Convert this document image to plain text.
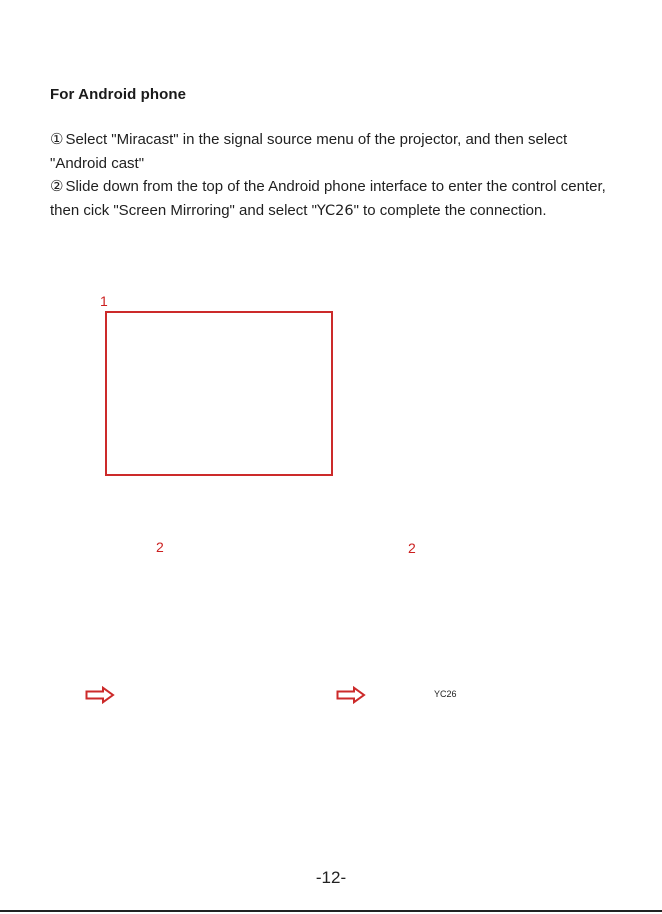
For Android phone

① Select "Miracast" in the signal source menu of the projector, and then select

"Android cast"

② Slide down from the top of the Android phone interface to enter the control center,

then cick "Screen Mirroring" and select "YC26" to complete the connection.

1
2	2
YC26
-12-
